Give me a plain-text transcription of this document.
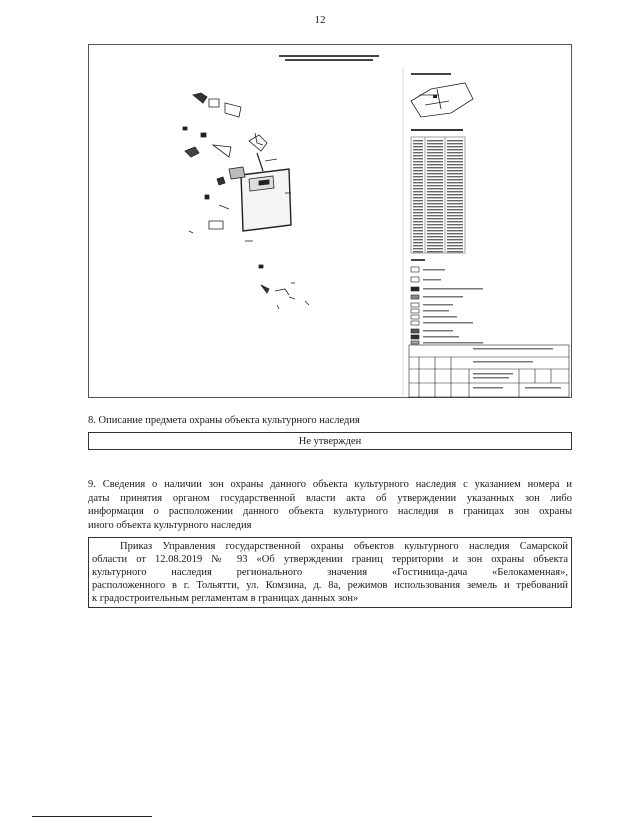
12
8. Описание предмета охраны объекта культурного наследия
Не утвержден
9. Сведения о наличии зон охраны данного объекта культурного наследия с указанием номера и
даты принятия органом государственной власти акта об утверждении указанных зон либо
информация о расположении данного объекта культурного наследия в границах зон охраны
иного объекта культурного наследия
Приказ Управления государственной охраны объектов культурного наследия Самарской
области от 12.08.2019 № 93 «Об утверждении границ территории и зон охраны объекта
культурного наследия регионального значения «Гостиница-дача «Белокаменная»,
расположенного в г. Тольятти, ул. Комзина, д. 8а, режимов использования земель и требований
к градостроительным регламентам в границах данных зон»
